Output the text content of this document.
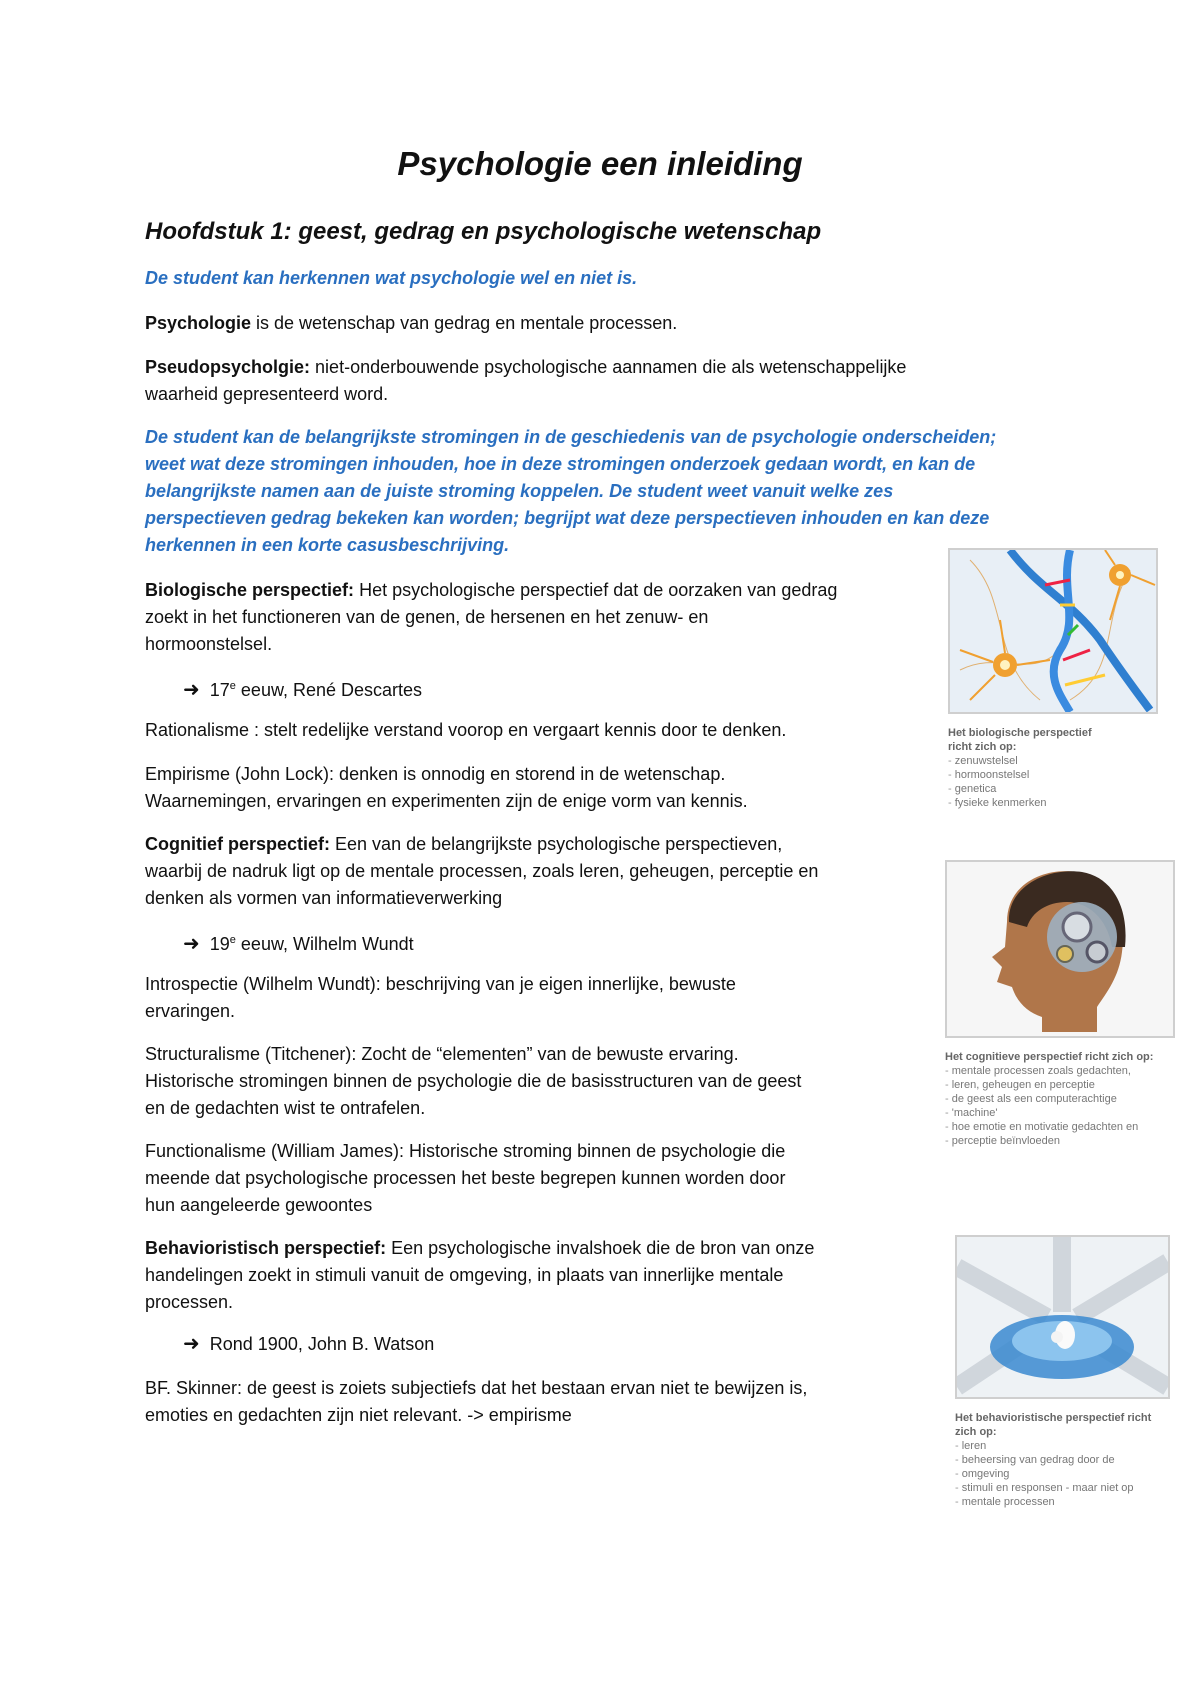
Psychologie een inleiding
Hoofdstuk 1: geest, gedrag en psychologische wetenschap
De student kan herkennen wat psychologie wel en niet is.
Psychologie is de wetenschap van gedrag en mentale processen.
Pseudopsycholgie: niet-onderbouwende psychologische aannamen die als wetenschappelijke
waarheid gepresenteerd word.
De student kan de belangrijkste stromingen in de geschiedenis van de psychologie onderscheiden;
weet wat deze stromingen inhouden, hoe in deze stromingen onderzoek gedaan wordt, en kan de
belangrijkste namen aan de juiste stroming koppelen. De student weet vanuit welke zes
perspectieven gedrag bekeken kan worden; begrijpt wat deze perspectieven inhouden en kan deze
herkennen in een korte casusbeschrijving.
Biologische perspectief: Het psychologische perspectief dat de oorzaken van gedrag
zoekt in het functioneren van de genen, de hersenen en het zenuw- en
hormoonstelsel.
➜ 17e eeuw, René Descartes
Rationalisme : stelt redelijke verstand voorop en vergaart kennis door te denken.
Empirisme (John Lock): denken is onnodig en storend in de wetenschap.
Waarnemingen, ervaringen en experimenten zijn de enige vorm van kennis.
Cognitief perspectief: Een van de belangrijkste psychologische perspectieven,
waarbij de nadruk ligt op de mentale processen, zoals leren, geheugen, perceptie en
denken als vormen van informatieverwerking
➜ 19e eeuw, Wilhelm Wundt
Introspectie (Wilhelm Wundt): beschrijving van je eigen innerlijke, bewuste
ervaringen.
Structuralisme (Titchener): Zocht de “elementen” van de bewuste ervaring.
Historische stromingen binnen de psychologie die de basisstructuren van de geest
en de gedachten wist te ontrafelen.
Functionalisme (William James): Historische stroming binnen de psychologie die
meende dat psychologische processen het beste begrepen kunnen worden door
hun aangeleerde gewoontes
Behavioristisch perspectief: Een psychologische invalshoek die de bron van onze
handelingen zoekt in stimuli vanuit de omgeving, in plaats van innerlijke mentale
processen.
➜ Rond 1900, John B. Watson
BF. Skinner: de geest is zoiets subjectiefs dat het bestaan ervan niet te bewijzen is,
emoties en gedachten zijn niet relevant. -> empirisme
Het biologische perspectief
richt zich op:
- zenuwstelsel
- hormoonstelsel
- genetica
- fysieke kenmerken
Het cognitieve perspectief richt zich op:
- mentale processen zoals gedachten,
- leren, geheugen en perceptie
- de geest als een computerachtige
- 'machine'
- hoe emotie en motivatie gedachten en
- perceptie beïnvloeden
Het behavioristische perspectief richt
zich op:
- leren
- beheersing van gedrag door de
- omgeving
- stimuli en responsen - maar niet op
- mentale processen
